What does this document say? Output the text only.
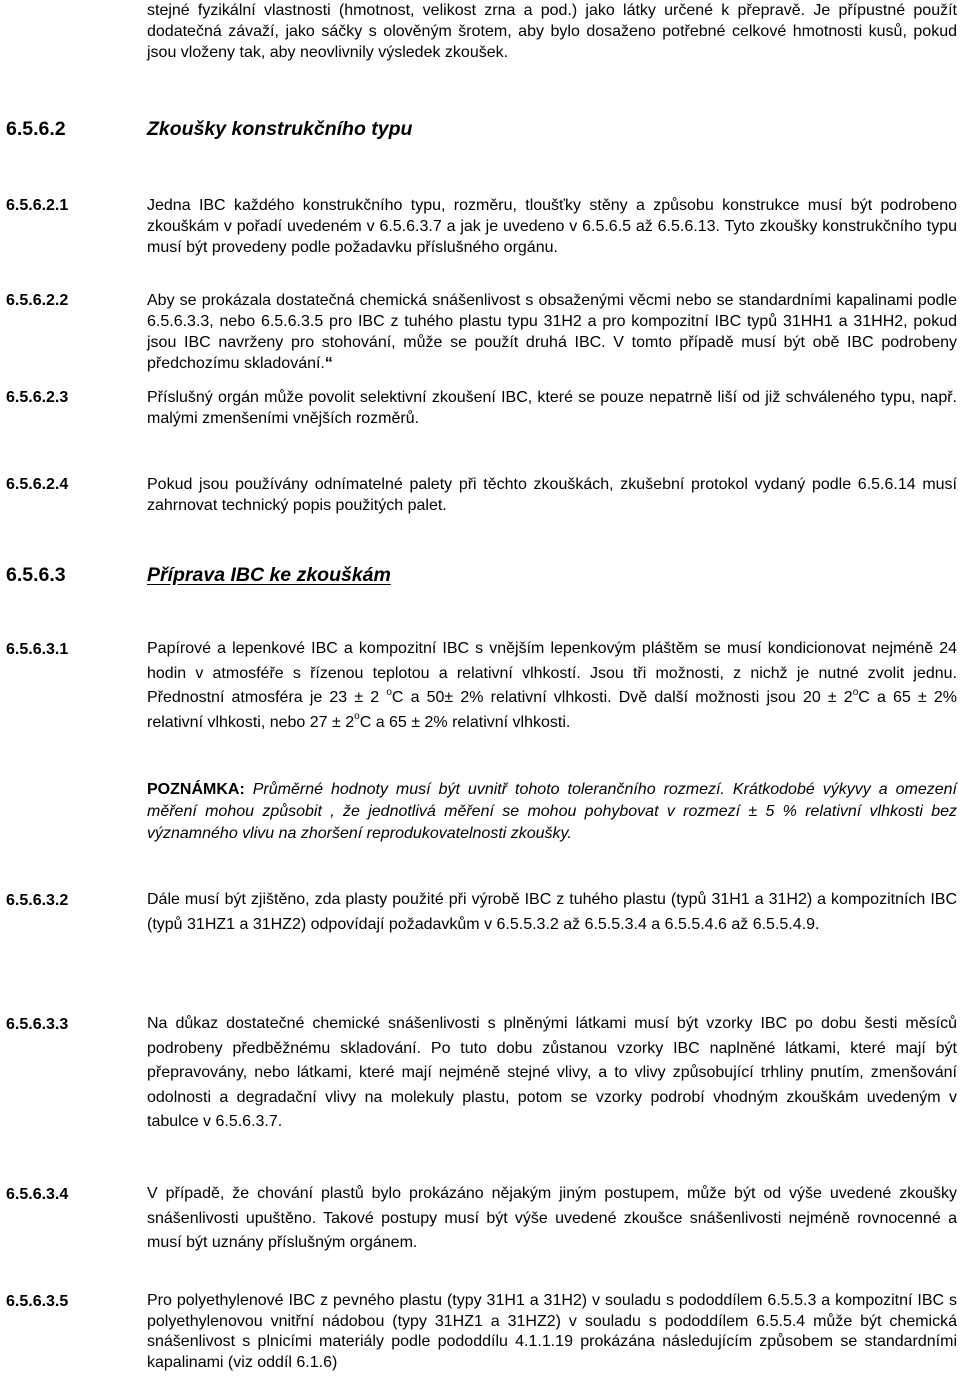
stejné fyzikální vlastnosti (hmotnost, velikost zrna a pod.) jako látky určené k přepravě. Je přípustné použít dodatečná závaží, jako sáčky s olověným šrotem, aby bylo dosaženo potřebné celkové hmotnosti kusů, pokud jsou vloženy tak, aby neovlivnily výsledek zkoušek.
6.5.6.2	Zkoušky konstrukčního typu
6.5.6.2.1	Jedna IBC každého konstrukčního typu, rozměru, tloušťky stěny a způsobu konstrukce musí být podrobeno zkouškám v pořadí uvedeném v 6.5.6.3.7 a jak je uvedeno v 6.5.6.5 až 6.5.6.13. Tyto zkoušky konstrukčního typu musí být provedeny podle požadavku příslušného orgánu.
6.5.6.2.2	Aby se prokázala dostatečná chemická snášenlivost s obsaženými věcmi nebo se standardními kapalinami podle 6.5.6.3.3, nebo 6.5.6.3.5 pro IBC z tuhého plastu typu 31H2 a pro kompozitní IBC typů 31HH1 a 31HH2, pokud jsou IBC navrženy pro stohování, může se použít druhá IBC. V tomto případě musí být obě IBC podrobeny předchozímu skladování.“
6.5.6.2.3	Příslušný orgán může povolit selektivní zkoušení IBC, které se pouze nepatrně liší od již schváleného typu, např. malými zmenšeními vnějších rozměrů.
6.5.6.2.4	Pokud jsou používány odnímatelné palety při těchto zkouškách, zkušební protokol vydaný podle 6.5.6.14 musí zahrnovat technický popis použitých palet.
6.5.6.3	Příprava IBC ke zkouškám
6.5.6.3.1	Papírové a lepenkové IBC a kompozitní IBC s vnějším lepenkovým pláštěm se musí kondicionovat nejméně 24 hodin v atmosféře s řízenou teplotou a relativní vlhkostí. Jsou tři možnosti, z nichž je nutné zvolit jednu. Přednostní atmosféra je 23 ± 2 $^o$C a 50± 2% relativní vlhkosti. Dvě další možnosti jsou $20 \pm 2^oC$ a 65 ± 2% relativní vlhkosti, nebo $27 \pm 2^oC$ a 65 ± 2% relativní vlhkosti.
POZNÁMKA: Průměrné hodnoty musí být uvnitř tohoto tolerančního rozmezí. Krátkodobé výkyvy a omezení měření mohou způsobit , že jednotlivá měření se mohou pohybovat v rozmezí ± 5 % relativní vlhkosti bez významného vlivu na zhoršení reprodukovatelnosti zkoušky.
6.5.6.3.2	Dále musí být zjištěno, zda plasty použité při výrobě IBC z tuhého plastu (typů 31H1 a 31H2) a kompozitních IBC (typů 31HZ1 a 31HZ2) odpovídají požadavkům v 6.5.5.3.2 až 6.5.5.3.4 a 6.5.5.4.6 až 6.5.5.4.9.
6.5.6.3.3	Na důkaz dostatečné chemické snášenlivosti s plněnými látkami musí být vzorky IBC po dobu šesti měsíců podrobeny předběžnému skladování. Po tuto dobu zůstanou vzorky IBC naplněné látkami, které mají být přepravovány, nebo látkami, které mají nejméně stejné vlivy, a to vlivy způsobující trhliny pnutím, zmenšování odolnosti a degradační vlivy na molekuly plastu, potom se vzorky podrobí vhodným zkouškám uvedeným v tabulce v 6.5.6.3.7.
6.5.6.3.4	V případě, že chování plastů bylo prokázáno nějakým jiným postupem, může být od výše uvedené zkoušky snášenlivosti upuštěno. Takové postupy musí být výše uvedené zkoušce snášenlivosti nejméně rovnocenné a musí být uznány příslušným orgánem.
6.5.6.3.5	Pro polyethylenové IBC z pevného plastu (typy 31H1 a 31H2) v souladu s pododdílem 6.5.5.3 a kompozitní IBC s polyethylenovou vnitřní nádobou (typy 31HZ1 a 31HZ2) v souladu s pododdílem 6.5.5.4 může být chemická snášenlivost s plnicími materiály podle pododdílu 4.1.1.19 prokázána následujícím způsobem se standardními kapalinami (viz oddíl 6.1.6)
